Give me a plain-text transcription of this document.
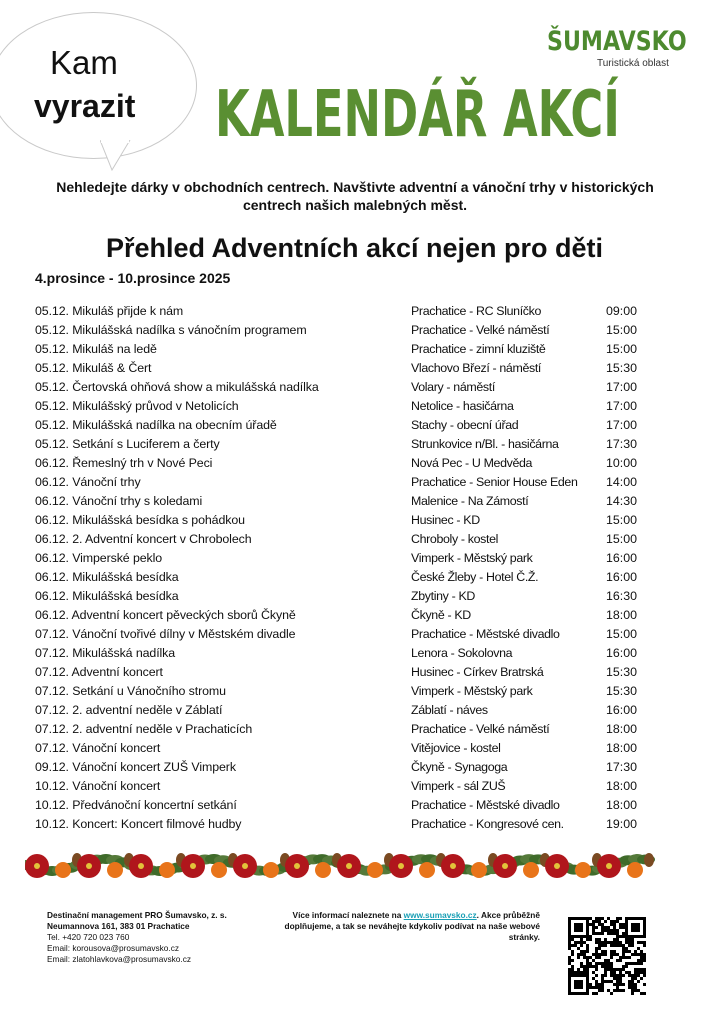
Kam
vyrazit
ŠUMAVSKO
Turistická oblast
KALENDÁŘ AKCÍ
Nehledejte dárky v obchodních centrech. Navštivte adventní a vánoční trhy v historických centrech našich malebných měst.
Přehled Adventních akcí nejen pro děti
4.prosince - 10.prosince 2025
05.12. Mikuláš přijde k nám	Prachatice - RC Sluníčko	09:00
05.12. Mikulášská nadílka s vánočním programem	Prachatice - Velké náměstí	15:00
05.12. Mikuláš na ledě	Prachatice - zimní kluziště	15:00
05.12. Mikuláš & Čert	Vlachovo Březí - náměstí	15:30
05.12. Čertovská ohňová show a mikulášská nadílka	Volary - náměstí	17:00
05.12. Mikulášský průvod v Netolicích	Netolice - hasičárna	17:00
05.12. Mikulášská nadílka na obecním úřadě	Stachy - obecní úřad	17:00
05.12. Setkání s Luciferem a čerty	Strunkovice n/Bl. - hasičárna	17:30
06.12. Řemeslný trh v Nové Peci	Nová Pec - U Medvěda	10:00
06.12. Vánoční trhy	Prachatice - Senior House Eden 14:00
06.12. Vánoční trhy s koledami	Malenice - Na Zámostí	14:30
06.12. Mikulášská besídka s pohádkou	Husinec - KD	15:00
06.12. 2. Adventní koncert v Chrobolech	Chroboly - kostel	15:00
06.12. Vimperské peklo	Vimperk - Městský park	16:00
06.12. Mikulášská besídka	České Žleby - Hotel Č.Ž.	16:00
06.12. Mikulášská besídka	Zbytiny - KD	16:30
06.12. Adventní koncert pěveckých sborů Čkyně	Čkyně - KD	18:00
07.12. Vánoční tvořivé dílny v Městském divadle	Prachatice - Městské divadlo	15:00
07.12. Mikulášská nadílka	Lenora - Sokolovna	16:00
07.12. Adventní koncert	Husinec - Církev Bratrská	15:30
07.12. Setkání u Vánočního stromu	Vimperk - Městský park	15:30
07.12. 2. adventní neděle v Záblatí	Záblatí - náves	16:00
07.12. 2. adventní neděle v Prachaticích	Prachatice - Velké náměstí	18:00
07.12. Vánoční koncert	Vitějovice - kostel	18:00
09.12. Vánoční koncert ZUŠ Vimperk	Čkyně - Synagoga	17:30
10.12. Vánoční koncert	Vimperk - sál ZUŠ	18:00
10.12. Předvánoční koncertní setkání	Prachatice - Městské divadlo	18:00
10.12. Koncert: Koncert filmové hudby	Prachatice - Kongresové cen.	19:00
Destinační management PRO Šumavsko, z. s.
Neumannova 161, 383 01 Prachatice
Tel. +420 720 023 760
Email: korousova@prosumavsko.cz
Email: zlatohlavkova@prosumavsko.cz
Více informací naleznete na www.sumavsko.cz. Akce průběžně doplňujeme, a tak se neváhejte kdykoliv podívat na naše webové stránky.
